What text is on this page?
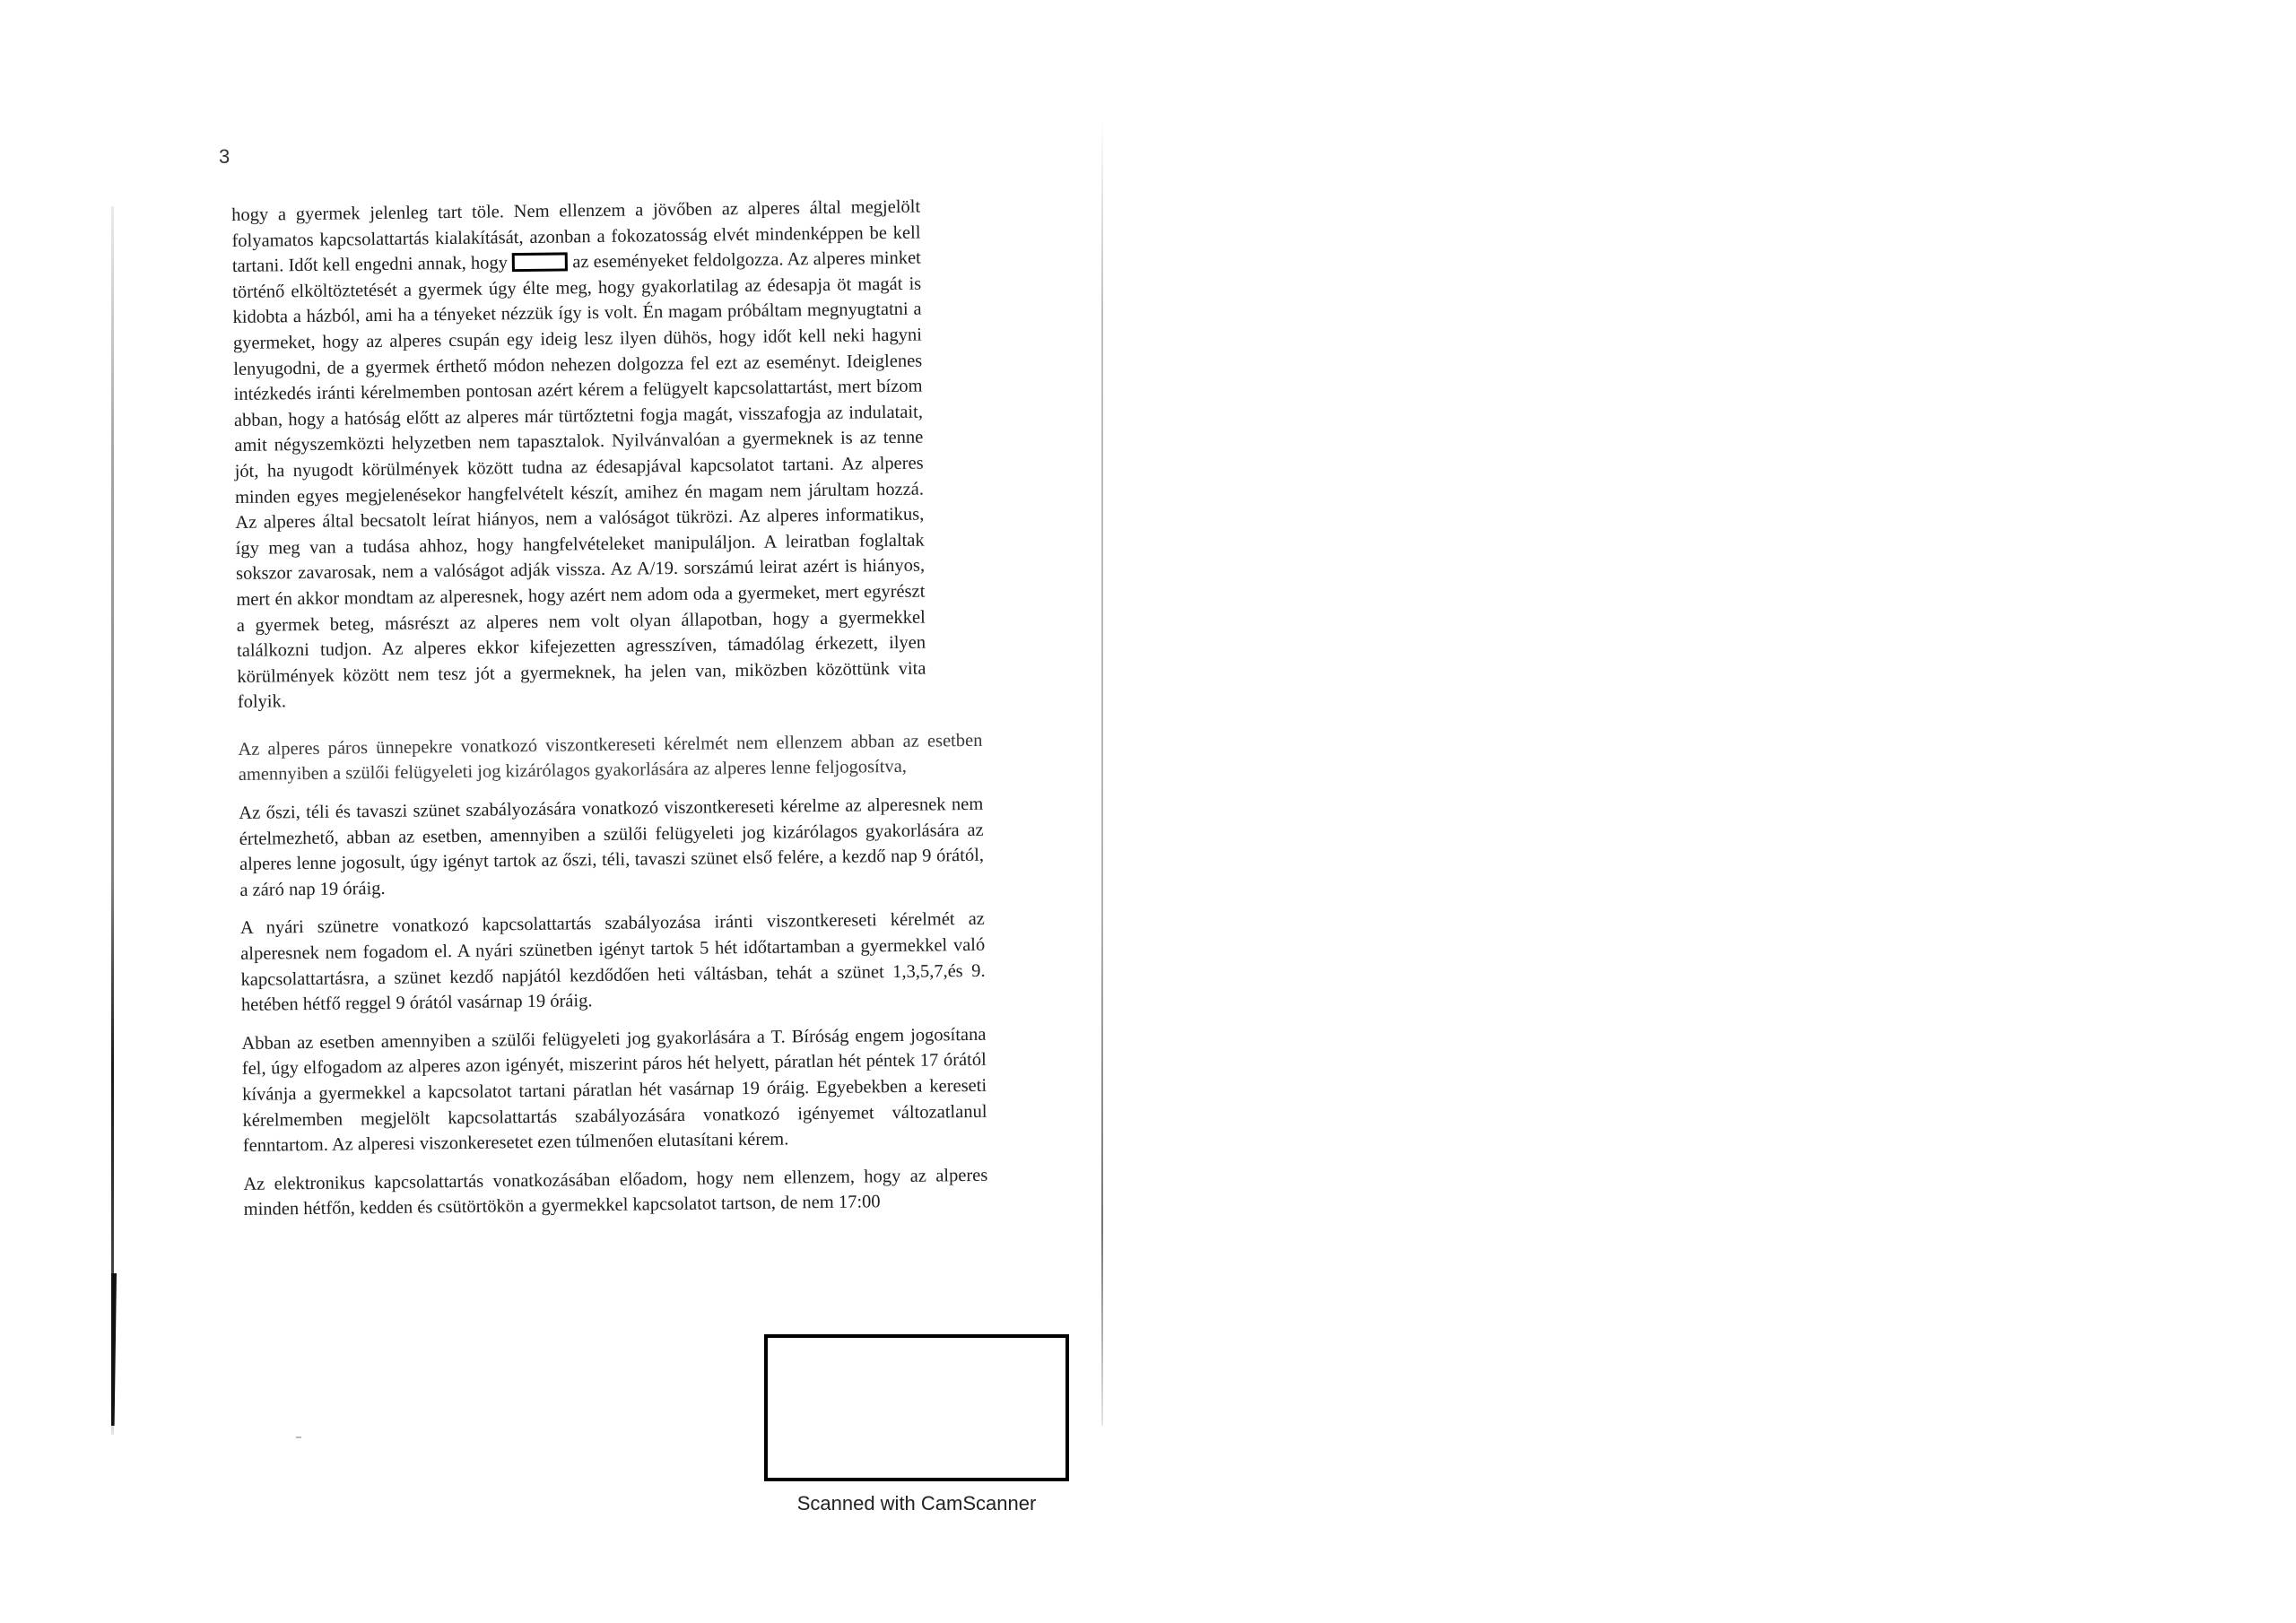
3

hogy a gyermek jelenleg tart töle. Nem ellenzem a jövőben az alperes által megjelölt folyamatos kapcsolattartás kialakítását, azonban a fokozatosság elvét mindenképpen be kell tartani. Időt kell engedni annak, hogy	az eseményeket feldolgozza. Az alperes minket történő elköltöztetését a gyermek úgy élte meg, hogy gyakorlatilag az édesapja öt magát is kidobta a házból, ami ha a tényeket nézzük így is volt. Én magam próbáltam megnyugtatni a gyermeket, hogy az alperes csupán egy ideig lesz ilyen dühös, hogy időt kell neki hagyni lenyugodni, de a gyermek érthető módon nehezen dolgozza fel ezt az eseményt. Ideiglenes intézkedés iránti kérelmemben pontosan azért kérem a felügyelt kapcsolattartást, mert bízom abban, hogy a hatóság előtt az alperes már türtőztetni fogja magát, visszafogja az indulatait, amit négyszemközti helyzetben nem tapasztalok. Nyilvánvalóan a gyermeknek is az tenne jót, ha nyugodt körülmények között tudna az édesapjával kapcsolatot tartani. Az alperes minden egyes megjelenésekor hangfelvételt készít, amihez én magam nem járultam hozzá. Az alperes által becsatolt leírat hiányos, nem a valóságot tükrözi. Az alperes informatikus, így meg van a tudása ahhoz, hogy hangfelvételeket manipuláljon. A leiratban foglaltak sokszor zavarosak, nem a valóságot adják vissza. Az A/19. sorszámú leirat azért is hiányos, mert én akkor mondtam az alperesnek, hogy azért nem adom oda a gyermeket, mert egyrészt a gyermek beteg, másrészt az alperes nem volt olyan állapotban, hogy a gyermekkel találkozni tudjon. Az alperes ekkor kifejezetten agresszíven, támadólag érkezett, ilyen körülmények között nem tesz jót a gyermeknek, ha jelen van, miközben közöttünk vita folyik.

Az alperes páros ünnepekre vonatkozó viszontkereseti kérelmét nem ellenzem abban az esetben amennyiben a szülői felügyeleti jog kizárólagos gyakorlására az alperes lenne feljogosítva,

Az őszi, téli és tavaszi szünet szabályozására vonatkozó viszontkereseti kérelme az alperesnek nem értelmezhető, abban az esetben, amennyiben a szülői felügyeleti jog kizárólagos gyakorlására az alperes lenne jogosult, úgy igényt tartok az őszi, téli, tavaszi szünet első felére, a kezdő nap 9 órától, a záró nap 19 óráig.

A nyári szünetre vonatkozó kapcsolattartás szabályozása iránti viszontkereseti kérelmét az alperesnek nem fogadom el. A nyári szünetben igényt tartok 5 hét időtartamban a gyermekkel való kapcsolattartásra, a szünet kezdő napjától kezdődően heti váltásban, tehát a szünet 1,3,5,7,és 9. hetében hétfő reggel 9 órától vasárnap 19 óráig.

Abban az esetben amennyiben a szülői felügyeleti jog gyakorlására a T. Bíróság engem jogosítana fel, úgy elfogadom az alperes azon igényét, miszerint páros hét helyett, páratlan hét péntek 17 órától kívánja a gyermekkel a kapcsolatot tartani páratlan hét vasárnap 19 óráig. Egyebekben a kereseti kérelmemben megjelölt kapcsolattartás szabályozására vonatkozó igényemet változatlanul fenntartom. Az alperesi viszonkeresetet ezen túlmenően elutasítani kérem.

Az elektronikus kapcsolattartás vonatkozásában előadom, hogy nem ellenzem, hogy az alperes minden hétfőn, kedden és csütörtökön a gyermekkel kapcsolatot tartson, de nem 17:00

Scanned with CamScanner
